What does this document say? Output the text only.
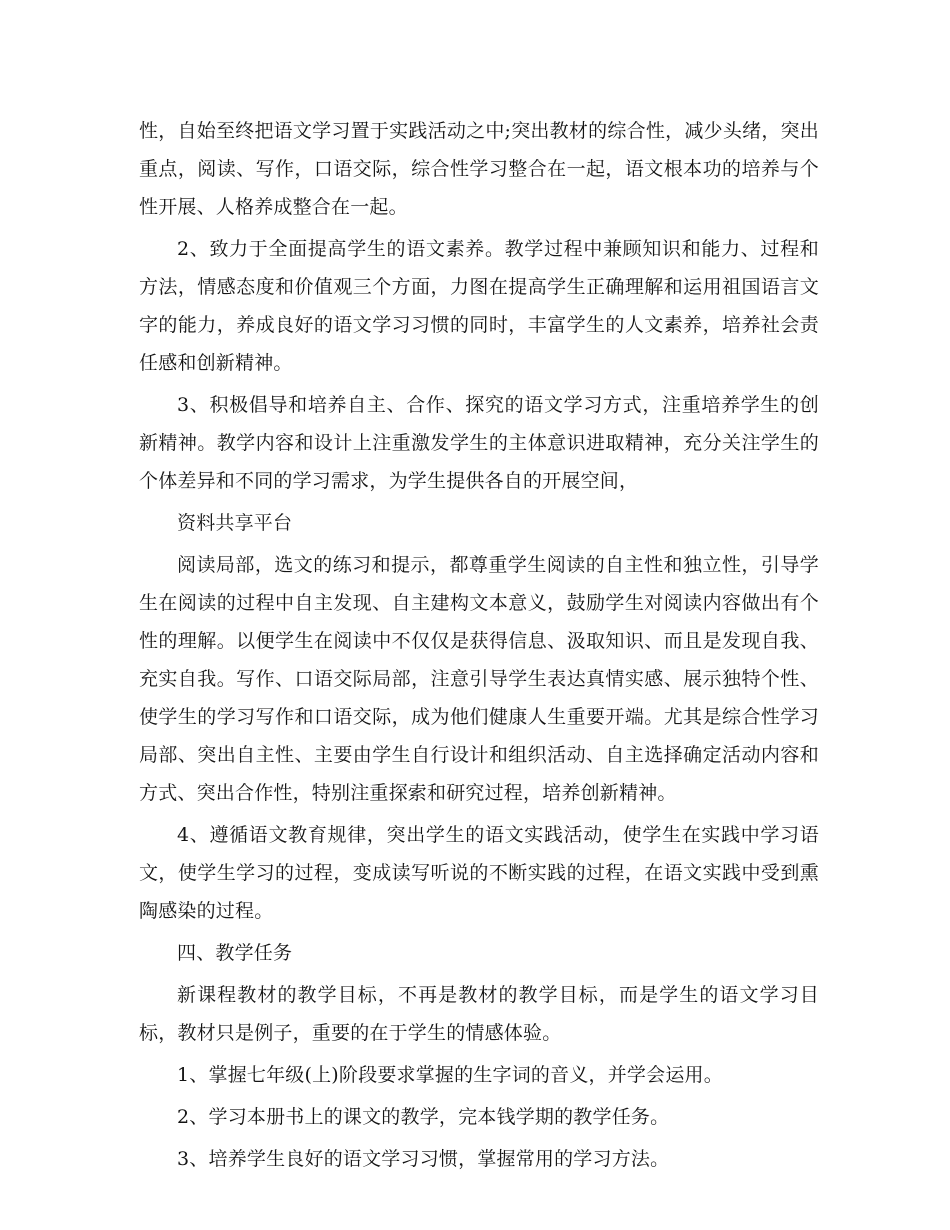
性，自始至终把语文学习置于实践活动之中;突出教材的综合性，减少头绪，突出重点，阅读、写作，口语交际，综合性学习整合在一起，语文根本功的培养与个性开展、人格养成整合在一起。

2、致力于全面提高学生的语文素养。教学过程中兼顾知识和能力、过程和方法，情感态度和价值观三个方面，力图在提高学生正确理解和运用祖国语言文字的能力，养成良好的语文学习习惯的同时，丰富学生的人文素养，培养社会责任感和创新精神。

3、积极倡导和培养自主、合作、探究的语文学习方式，注重培养学生的创新精神。教学内容和设计上注重激发学生的主体意识进取精神，充分关注学生的个体差异和不同的学习需求，为学生提供各自的开展空间，

资料共享平台

阅读局部，选文的练习和提示，都尊重学生阅读的自主性和独立性，引导学生在阅读的过程中自主发现、自主建构文本意义，鼓励学生对阅读内容做出有个性的理解。以便学生在阅读中不仅仅是获得信息、汲取知识、而且是发现自我、充实自我。写作、口语交际局部，注意引导学生表达真情实感、展示独特个性、使学生的学习写作和口语交际，成为他们健康人生重要开端。尤其是综合性学习局部、突出自主性、主要由学生自行设计和组织活动、自主选择确定活动内容和方式、突出合作性，特别注重探索和研究过程，培养创新精神。

4、遵循语文教育规律，突出学生的语文实践活动，使学生在实践中学习语文，使学生学习的过程，变成读写听说的不断实践的过程，在语文实践中受到熏陶感染的过程。

四、教学任务

新课程教材的教学目标，不再是教材的教学目标，而是学生的语文学习目标，教材只是例子，重要的在于学生的情感体验。

1、掌握七年级(上)阶段要求掌握的生字词的音义，并学会运用。

2、学习本册书上的课文的教学，完本钱学期的教学任务。

3、培养学生良好的语文学习习惯，掌握常用的学习方法。
